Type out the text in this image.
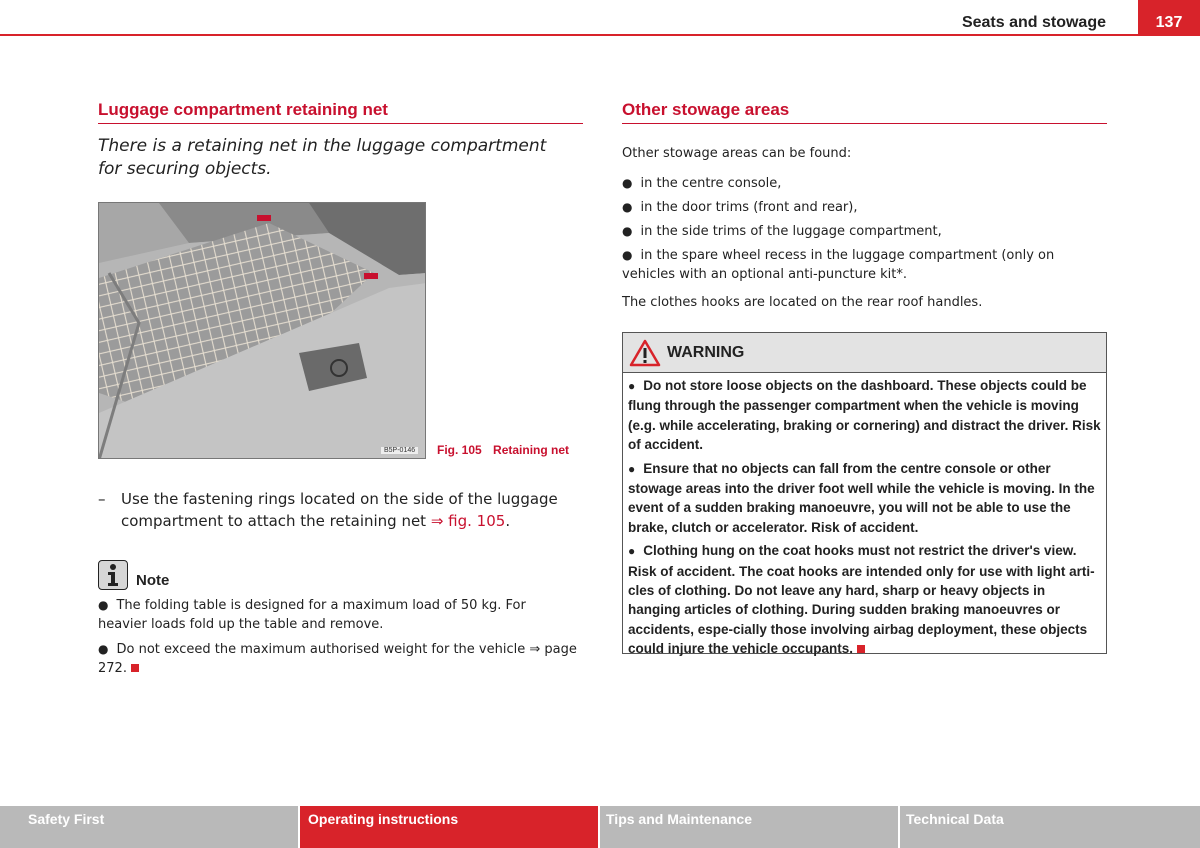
Seats and stowage	137
Luggage compartment retaining net
There is a retaining net in the luggage compartment for securing objects.
B5P-0146 Fig. 105 Retaining net
–	Use the fastening rings located on the side of the luggage compartment to attach the retaining net ⇒ fig. 105.
Note

● The folding table is designed for a maximum load of 50 kg. For heavier loads fold up the table and remove.

● Do not exceed the maximum authorised weight for the vehicle ⇒ page 272.

Other stowage areas
Other stowage areas can be found:
● in the centre console,
● in the door trims (front and rear),
● in the side trims of the luggage compartment,
● in the spare wheel recess in the luggage compartment (only on vehicles with an optional anti-puncture kit*.
The clothes hooks are located on the rear roof handles.
WARNING

● Do not store loose objects on the dashboard. These objects could be flung through the passenger compartment when the vehicle is moving (e.g. while accelerating, braking or cornering) and distract the driver. Risk of accident.

● Ensure that no objects can fall from the centre console or other stowage areas into the driver foot well while the vehicle is moving. In the event of a sudden braking manoeuvre, you will not be able to use the brake, clutch or accelerator. Risk of accident.

● Clothing hung on the coat hooks must not restrict the driver's view. Risk of accident. The coat hooks are intended only for use with light arti-cles of clothing. Do not leave any hard, sharp or heavy objects in hanging articles of clothing. During sudden braking manoeuvres or accidents, espe-cially those involving airbag deployment, these objects could injure the vehicle occupants.

Safety First	Operating instructions	Tips and Maintenance	Technical Data
